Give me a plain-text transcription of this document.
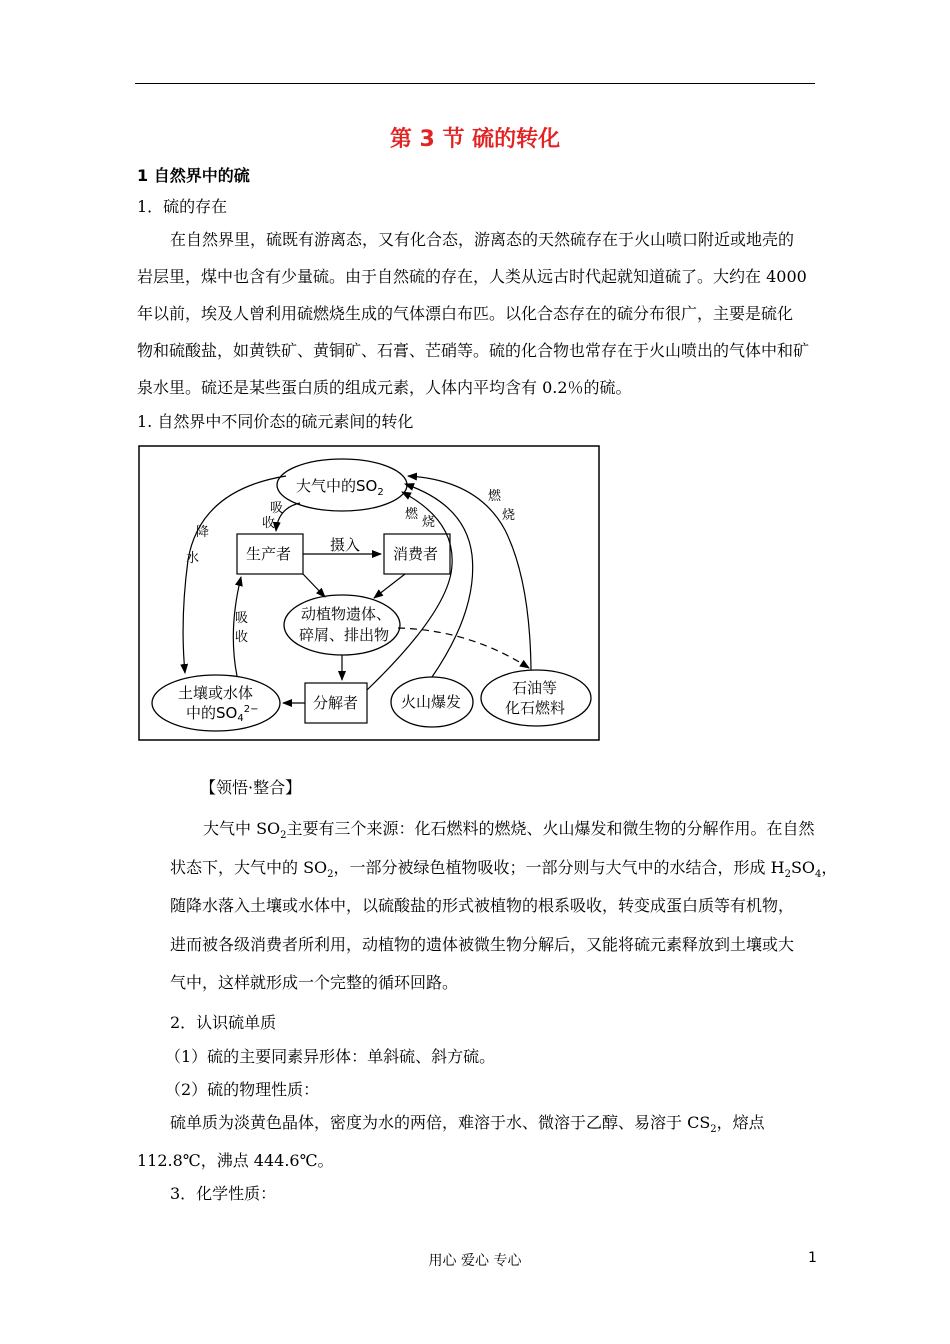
第 3 节 硫的转化
1 自然界中的硫
1．硫的存在
在自然界里，硫既有游离态，又有化合态，游离态的天然硫存在于火山喷口附近或地壳的
岩层里，煤中也含有少量硫。由于自然硫的存在，人类从远古时代起就知道硫了。大约在 4000
年以前，埃及人曾利用硫燃烧生成的气体漂白布匹。以化合态存在的硫分布很广，主要是硫化
物和硫酸盐，如黄铁矿、黄铜矿、石膏、芒硝等。硫的化合物也常存在于火山喷出的气体中和矿
泉水里。硫还是某些蛋白质的组成元素，人体内平均含有 0.2％的硫。
1. 自然界中不同价态的硫元素间的转化
大气中的$SO_2$
生产者	消费者
动植物遗体、
碎屑、排出物
分解者	火山爆发
石油等
化石燃料
土壤或水体
中的$SO_4^{2-}$
摄入
吸
收
吸
收
降
水
燃
烧
燃
烧
【领悟·整合】
大气中 $SO_2$主要有三个来源：化石燃料的燃烧、火山爆发和微生物的分解作用。在自然
状态下，大气中的 $SO_2$，一部分被绿色植物吸收；一部分则与大气中的水结合，形成 $H_2SO_4$，
随降水落入土壤或水体中，以硫酸盐的形式被植物的根系吸收，转变成蛋白质等有机物，
进而被各级消费者所利用，动植物的遗体被微生物分解后，又能将硫元素释放到土壤或大
气中，这样就形成一个完整的循环回路。
2．认识硫单质
（1）硫的主要同素异形体：单斜硫、斜方硫。
（2）硫的物理性质：
硫单质为淡黄色晶体，密度为水的两倍，难溶于水、微溶于乙醇、易溶于 $CS_2$，熔点
112.8℃，沸点 444.6℃。
3．化学性质：
用心 爱心 专心	1
